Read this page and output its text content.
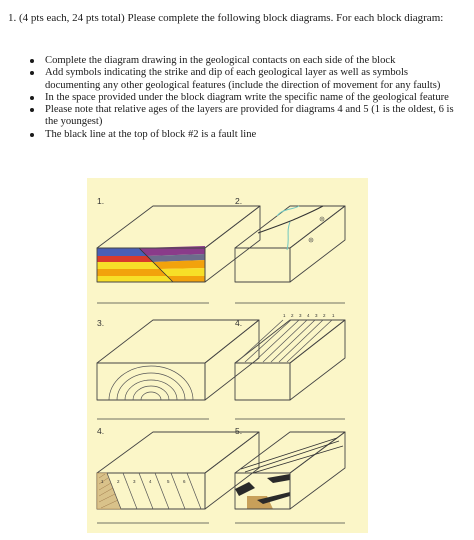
1. (4 pts each, 24 pts total) Please complete the following block diagrams. For each block diagram:

Complete the diagram drawing in the geological contacts on each side of the block
Add symbols indicating the strike and dip of each geological layer as well as symbols documenting any other geological features (include the direction of movement for any faults)
In the space provided under the block diagram write the specific name of the geological feature
Please note that relative ages of the layers are provided for diagrams 4 and 5 (1 is the oldest, 6 is the youngest)
The black line at the top of block #2 is a fault line
1.	2.
3.	4.
1 2 3 4 3 2 1
4.
1	2	3	4	5	6
5.
